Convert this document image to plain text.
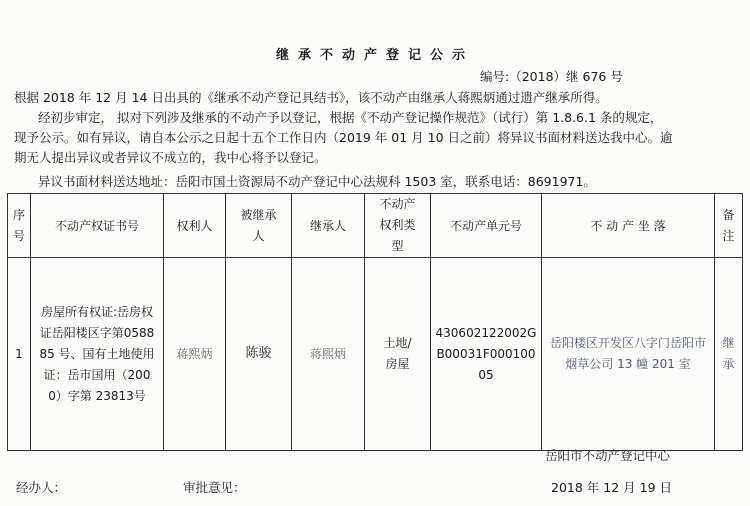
继承不动产登记公示
编号:（2018）继 676 号
根据 2018 年 12 月 14 日出具的《继承不动产登记具结书》，该不动产由继承人蒋熙炳通过遗产继承所得。
经初步审定， 拟对下列涉及继承的不动产予以登记，根据《不动产登记操作规范》（试行）第 1.8.6.1 条的规定，
现予公示。如有异议，请自本公示之日起十五个工作日内（2019 年 01 月 10 日之前）将异议书面材料送达我中心。逾
期无人提出异议或者异议不成立的，我中心将予以登记。
异议书面材料送达地址：岳阳市国土资源局不动产登记中心法规科 1503 室，联系电话：8691971。
序号	不动产权证书号	权利人	被继承人	继承人	不动产权利类型	不动产单元号	不 动 产 坐 落	备注

1	房屋所有权证:岳房权证岳阳楼区字第058885 号、国有土地使用证：岳市国用（2000）字第 23813号	蒋熙炳	陈骏	蒋熙炳	土地/房屋	430602122002GB00031F00010005	岳阳楼区开发区八字门岳阳市烟草公司 13 幢 201 室	继承
岳阳市不动产登记中心
经办人：	审批意见：	2018 年 12 月 19 日
